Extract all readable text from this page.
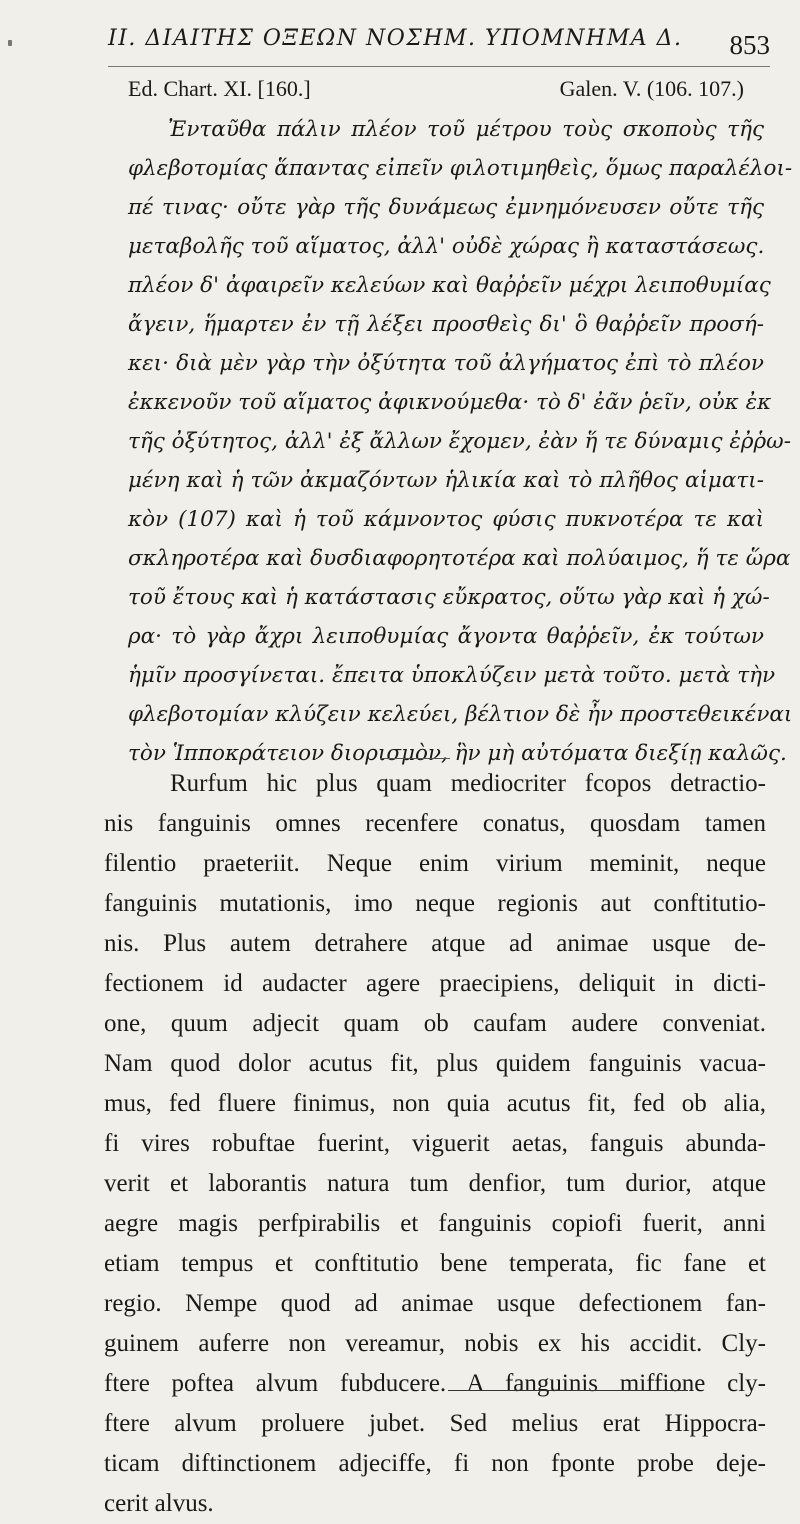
ΙΙ. ΔΙΑΙΤΗΣ ΟΞΕΩΝ ΝΟΣΗΜ. ΥΠΟΜΝΗΜΑ Δ. 853
Ed. Chart. XI. [160.]	Galen. V. (106. 107.)
Ἐνταῦθα πάλιν πλέον τοῦ μέτρου τοὺς σκοποὺς τῆς
φλεβοτομίας ἅπαντας εἰπεῖν φιλοτιμηθεὶς, ὅμως παραλέλοι-
πέ τινας· οὔτε γὰρ τῆς δυνάμεως ἐμνημόνευσεν οὔτε τῆς
μεταβολῆς τοῦ αἵματος, ἀλλ' οὐδὲ χώρας ἢ καταστάσεως.
πλέον δ' ἀφαιρεῖν κελεύων καὶ θαῤῥεῖν μέχρι λειποθυμίας
ἄγειν, ἥμαρτεν ἐν τῇ λέξει προσθεὶς δι' ὃ θαῤῥεῖν προσή-
κει· διὰ μὲν γὰρ τὴν ὀξύτητα τοῦ ἀλγήματος ἐπὶ τὸ πλέον
ἐκκενοῦν τοῦ αἵματος ἀφικνούμεθα· τὸ δ' ἐᾶν ῥεῖν, οὐκ ἐκ
τῆς ὀξύτητος, ἀλλ' ἐξ ἄλλων ἔχομεν, ἐὰν ἥ τε δύναμις ἐῤῥω-
μένη καὶ ἡ τῶν ἀκμαζόντων ἡλικία καὶ τὸ πλῆθος αἱματι-
κὸν (107) καὶ ἡ τοῦ κάμνοντος φύσις πυκνοτέρα τε καὶ
σκληροτέρα καὶ δυσδιαφορητοτέρα καὶ πολύαιμος, ἥ τε ὥρα
τοῦ ἔτους καὶ ἡ κατάστασις εὔκρατος, οὕτω γὰρ καὶ ἡ χώ-
ρα· τὸ γὰρ ἄχρι λειποθυμίας ἄγοντα θαῤῥεῖν, ἐκ τούτων
ἡμῖν προσγίνεται. ἔπειτα ὑποκλύζειν μετὰ τοῦτο. μετὰ τὴν
φλεβοτομίαν κλύζειν κελεύει, βέλτιον δὲ ἦν προστεθεικέναι
τὸν Ἱπποκράτειον διορισμὸν, ἣν μὴ αὐτόματα διεξίῃ καλῶς.
Rurfum hic plus quam mediocriter fcopos detractio-
nis fanguinis omnes recenfere conatus, quosdam tamen
filentio praeteriit. Neque enim virium meminit, neque
fanguinis mutationis, imo neque regionis aut conftitutio-
nis. Plus autem detrahere atque ad animae usque de-
fectionem id audacter agere praecipiens, deliquit in dicti-
one, quum adjecit quam ob caufam audere conveniat.
Nam quod dolor acutus fit, plus quidem fanguinis vacua-
mus, fed fluere finimus, non quia acutus fit, fed ob alia,
fi vires robuftae fuerint, viguerit aetas, fanguis abunda-
verit et laborantis natura tum denfior, tum durior, atque
aegre magis perfpirabilis et fanguinis copiofi fuerit, anni
etiam tempus et conftitutio bene temperata, fic fane et
regio. Nempe quod ad animae usque defectionem fan-
guinem auferre non vereamur, nobis ex his accidit. Cly-
ftere poftea alvum fubducere. A fanguinis miffione cly-
ftere alvum proluere jubet. Sed melius erat Hippocra-
ticam diftinctionem adjeciffe, fi non fponte probe deje-
cerit alvus.
